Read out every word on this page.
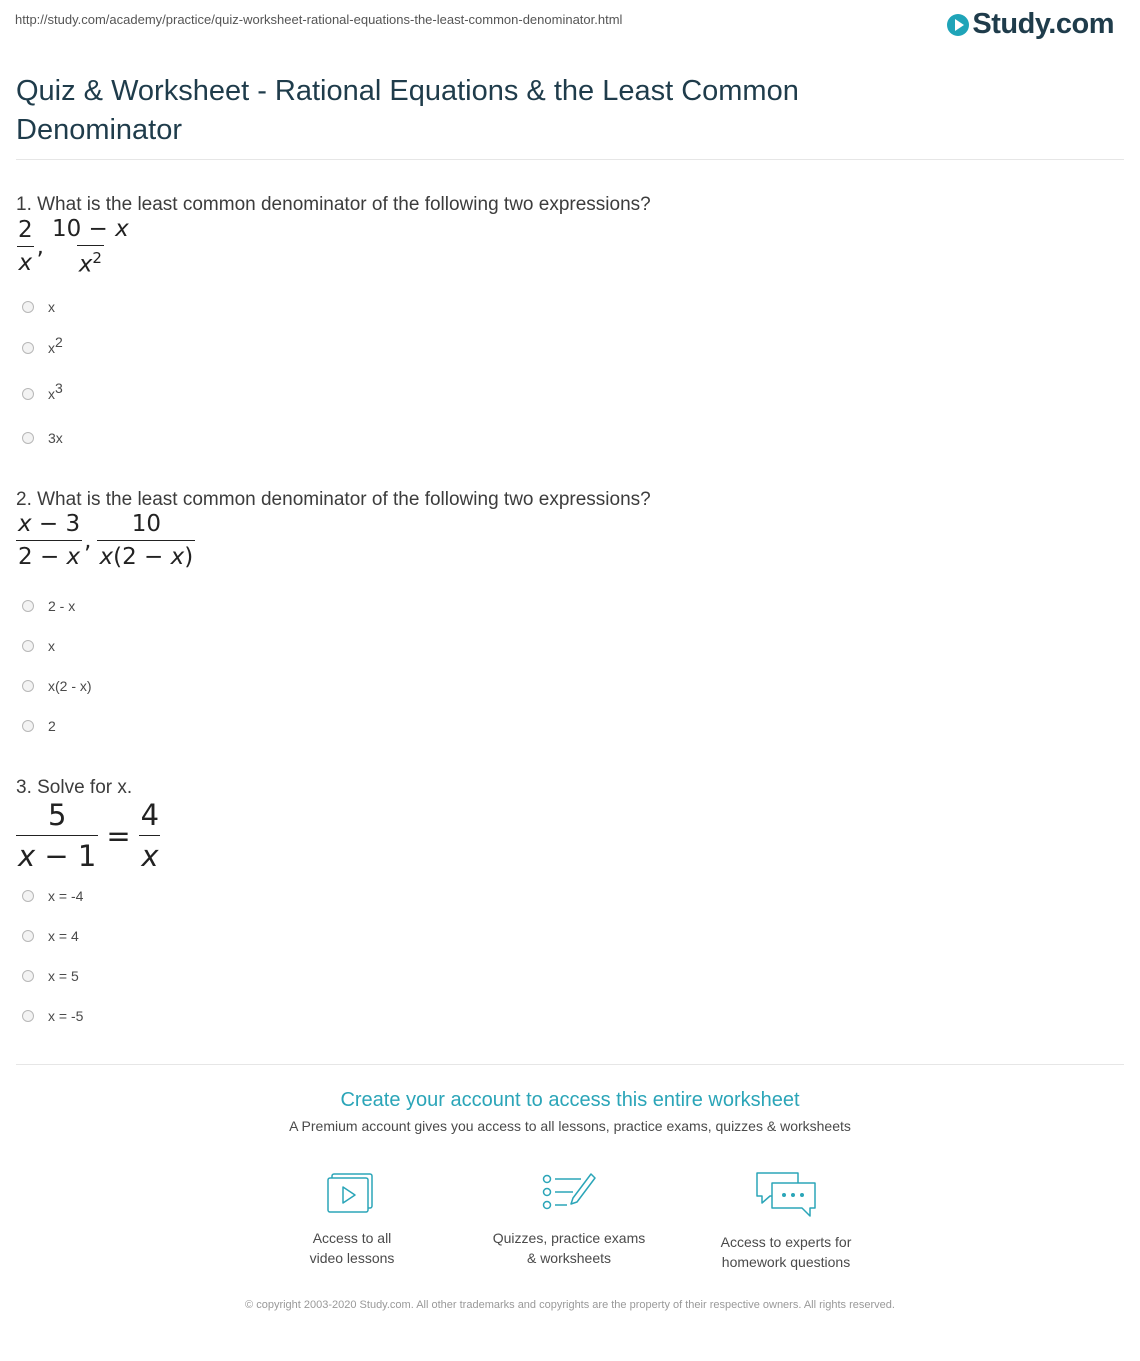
http://study.com/academy/practice/quiz-worksheet-rational-equations-the-least-common-denominator.html	Study.com
Quiz & Worksheet - Rational Equations & the Least Common Denominator
1. What is the least common denominator of the following two expressions?
$\frac{2}{x}$ , $\frac{10 - x}{x^2}$
x
$x^2$
$x^3$
3x
2. What is the least common denominator of the following two expressions?
$\frac{x - 3}{2 - x}$ , $\frac{10}{x(2 - x)}$
2 - x
x
x(2 - x)
2
3. Solve for x.
$\frac{5}{x - 1} = \frac{4}{x}$
x = -4
x = 4
x = 5
x = -5
Create your account to access this entire worksheet
A Premium account gives you access to all lessons, practice exams, quizzes & worksheets
Access to all
video lessons
Quizzes, practice exams
& worksheets
Access to experts for
homework questions
© copyright 2003-2020 Study.com. All other trademarks and copyrights are the property of their respective owners. All rights reserved.
